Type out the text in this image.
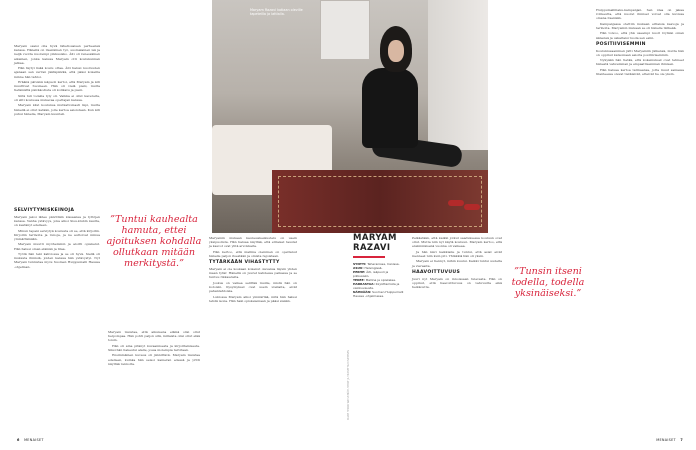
Maryam osaisi olla hyvä lähetiosaisen perheensä kanssa. Hänellä on itsenäinen työ, suomalainen isä ja neljä vuotta nuorempi pikkusisko. Äiti oli renessäinen aikainen, jonka kanssa Maryam otti koulukunnan jatkaa.

Hän täytyi lisää koulu ottaa. Äiti halusi nuoruuden ajanaan sen verran jäätäpäivää, että pääsi kokeilla minne hän tahtoi.

Eräänä päivänä isäpuoli kertoi, että Maryam ja äiti muuttivat Suomeen. Hän oli vielä pieni, mutta tietämättä päiväkodista oli kotikatu ja pieni.

Siitä tuli todella tyly oli. Vaikka ei ollut kavereita, oli silti koulussa mukavaa opettajan kanssa.

Maryam kävi koulunsa mutkattomasti läpi, mutta hänellä ei ollut ketään, jolle kertoa asioistaan. Kun äiti puhui hänelle, Maryam kuunteli.

SELVIYTYMISKEINOJA

Maryam jakoi lähes päivittäin kissaansa ja tyttöjen kanssa. Vanha ystävyys, joka alkoi Sisu-klubin kautta, on kestänyt edelleen.

Minun tapani selviytyä koulusta oli se, että kirjoitin. Kirjoitin tarinoita ja runoja, ja ne auttoivat minua ymmärtämään.

Maryam muutti myöhemmin ja aloitti opiskelut. Hän halusi oman elämän ja tilaa.

Työtä hän teki kahviossa ja se oli hyvä. Siellä oli mukavia ihmisiä, joiden kanssa hän ystävystyi. Nyt Maryam tunnistaa myös Suomen Huippumalli Haussa -ohjelman.

”Tuntui kauhealta hamuta, ettei ajoituksen kohdalla ollutkaan mitään merkitystä.”

Maryam muistaa, että aikuisena elämä olisi ollut helpompaa. Hän pohti paljon sitä, millaista olisi ollut elää toisin.

Hän oli aina pitänyt kuvaamisesta ja kirjoittamisesta. Siksi hän hakeutui alalle, jossa molempia tarvitaan.

Ensimmäinen kuvaus oli jännittävä. Maryam muistaa edelleen, kuinka hän seisoi kameran edessä ja yritti näyttää rennolta.

Maryamin mukaan kauneuskeskustelu on usein yksipuolista. Hän haluaa näyttää, että erilaiset taustat ja kasvot ovat yhtä arvokkaita.

Hän kertoo, että mallina oleminen on opettanut hänelle paljon itsestään ja omista rajoistaan.

TYTÄRKÄÄN VIHASTYTTY

Maryam ei ole koskaan kokenut olevansa täysin yhden maan tytär. Hänellä on juuret kahdessa paikassa ja se tuntuu rikkaudelta.

Joskus on vaikea selittää muille, mistä hän on kotoisin. Kysymykset ovat usein uteliaita, eivät pahantahtoisia.

Lukiossa Maryam alkoi ymmärtää, mitä hän halusi tehdä isona. Hän haki opiskelemaan ja pääsi sisään.

Maryam Razavi kotiaan oleville tapeteilla ja lattialla.
KUVAT HENRIK WAHLSTRÖM, MEIKIT JA HIUKSET SUVI NIEMINEN
MARYAM
RAZAVI
SYNTYI: Teheranissa, Iranissa.
ASUU: Helsingissä.
PERHE: Äiti, isäpuoli ja pikkusisko.
TEKEE: Mallina ja opiskelee.
HARRASTAA: Kirjoittamista ja valokuvausta.
NÄHDÄÄN: Suomen Huippumalli Haussa -ohjelmassa.

Pelkästään, että kaikki jotkut saaduksessa kouluun ovat ollut. Mutta niin nyt käytä kouluun. Maryam kertoo, että ensimmäisenä vuonna oli vaikeaa.

Ja hän kävi kaikkialle ja tuntui, että asiat eivät menneet niin kuin piti. Yhtäkkiä hän oli yksin.

Maryam ei tiennyt, mihin kuului. Kaikki tuntui uudelta ja vieraalta.

HAAVOITTUVUUS

Juuri nyt Maryam on innoissaan tulevasta. Hän on oppinut, että haavoittuvuus on vahvuutta eikä heikkoutta.

”Tunsin itseni todella, todella yksinäiseksi.”

Huippumallihaku-kampanjan. Sen idea on jakaa rohkeutta, että nuoret ihmiset voivat olla kuvissa omana itsenään.

Kampanjassa otettiin mukaan erilaisia kasvoja ja tarinoita. Maryamin mukaan se oli hänelle tärkeää.

Hän toivoo, että yhä useampi nuori löytäisi oman äänensä ja uskaltaisi tuoda sen esiin.

POSITIIVISEMMIN

Koulukiusaaminen jätti Maryamiin jälkensä, mutta hän on oppinut katsomaan asioita positiivisemmin.

Nykyään hän tietää, että kokemukset ovat tehneet hänestä vahvemman ja empaattisemman ihmisen.

Hän haluaa kertoa tarinaansa, jotta muut samassa tilanteessa olevat tietäisivät, etteivät he ole yksin.

6 MENAISET	MENAISET 7
